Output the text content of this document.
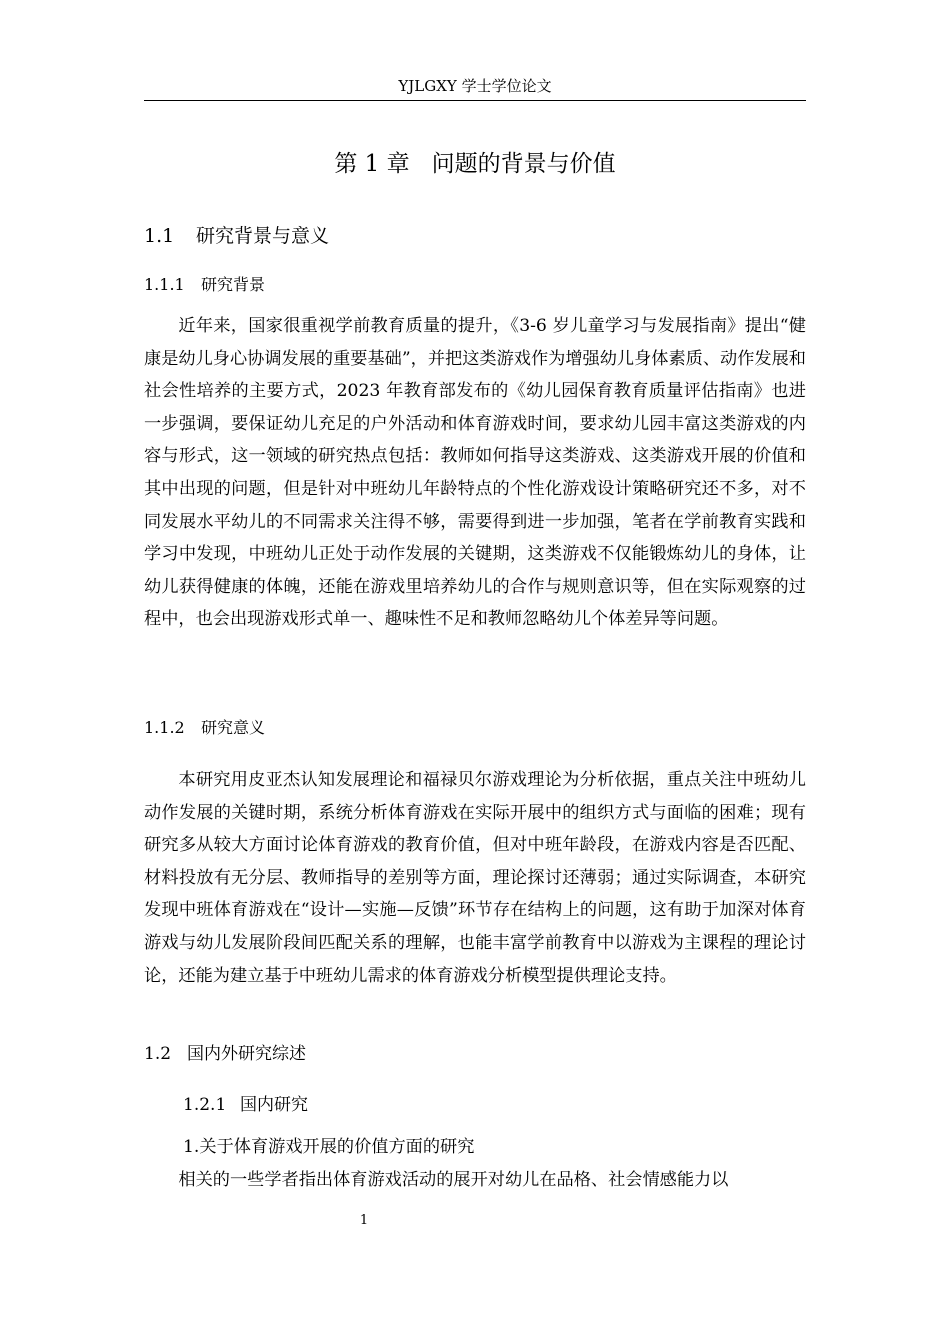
YJLGXY 学士学位论文
第 1 章 问题的背景与价值
1.1 研究背景与意义
1.1.1 研究背景

近年来，国家很重视学前教育质量的提升，《3-6 岁儿童学习与发展指南》提出“健康是幼儿身心协调发展的重要基础”，并把这类游戏作为增强幼儿身体素质、动作发展和社会性培养的主要方式，2023 年教育部发布的《幼儿园保育教育质量评估指南》也进一步强调，要保证幼儿充足的户外活动和体育游戏时间，要求幼儿园丰富这类游戏的内容与形式，这一领域的研究热点包括：教师如何指导这类游戏、这类游戏开展的价值和其中出现的问题，但是针对中班幼儿年龄特点的个性化游戏设计策略研究还不多，对不同发展水平幼儿的不同需求关注得不够，需要得到进一步加强，笔者在学前教育实践和学习中发现，中班幼儿正处于动作发展的关键期，这类游戏不仅能锻炼幼儿的身体，让幼儿获得健康的体魄，还能在游戏里培养幼儿的合作与规则意识等，但在实际观察的过程中，也会出现游戏形式单一、趣味性不足和教师忽略幼儿个体差异等问题。

1.1.2 研究意义

本研究用皮亚杰认知发展理论和福禄贝尔游戏理论为分析依据，重点关注中班幼儿动作发展的关键时期，系统分析体育游戏在实际开展中的组织方式与面临的困难；现有研究多从较大方面讨论体育游戏的教育价值，但对中班年龄段，在游戏内容是否匹配、材料投放有无分层、教师指导的差别等方面，理论探讨还薄弱；通过实际调查，本研究发现中班体育游戏在“设计—实施—反馈”环节存在结构上的问题，这有助于加深对体育游戏与幼儿发展阶段间匹配关系的理解，也能丰富学前教育中以游戏为主课程的理论讨论，还能为建立基于中班幼儿需求的体育游戏分析模型提供理论支持。

1.2 国内外研究综述
1.2.1 国内研究
1.关于体育游戏开展的价值方面的研究

相关的一些学者指出体育游戏活动的展开对幼儿在品格、社会情感能力以

1
